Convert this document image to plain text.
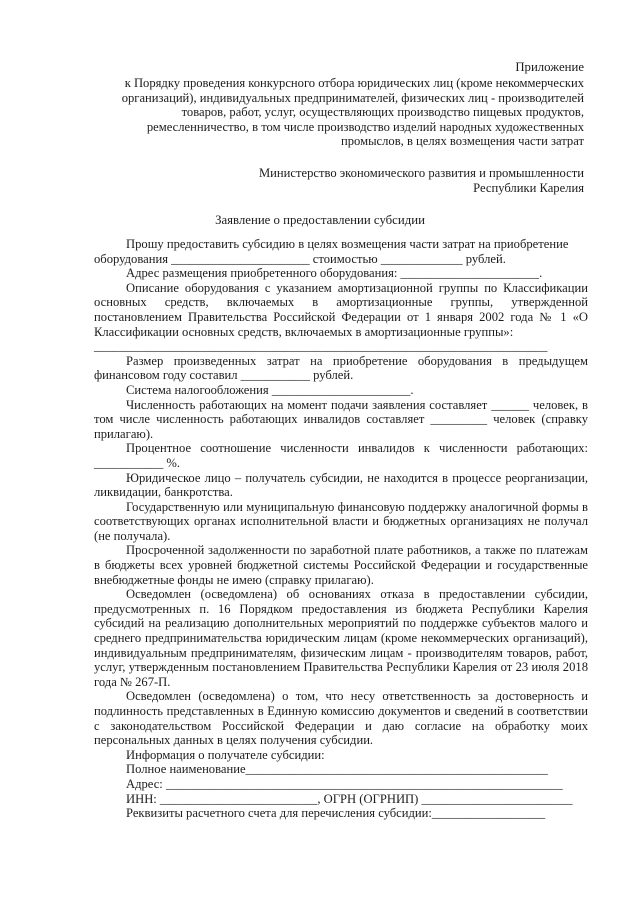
Приложение

к Порядку проведения конкурсного отбора юридических лиц (кроме некоммерческих

организаций), индивидуальных предпринимателей, физических лиц - производителей

товаров, работ, услуг, осуществляющих производство пищевых продуктов,

ремесленничество, в том числе производство изделий народных художественных

промыслов, в целях возмещения части затрат

Министерство экономического развития и промышленности

Республики Карелия

Заявление о предоставлении субсидии

Прошу предоставить субсидию в целях возмещения части затрат на приобретение

оборудования ______________________ стоимостью _____________ рублей.

Адрес размещения приобретенного оборудования: ______________________.

Описание оборудования с указанием амортизационной группы по Классификации основных средств, включаемых в амортизационные группы, утвержденной постановлением Правительства Российской Федерации от 1 января 2002 года № 1 «О Классификации основных средств, включаемых в амортизационные группы»:

________________________________________________________________________

Размер произведенных затрат на приобретение оборудования в предыдущем финансовом году составил ___________ рублей.

Система налогообложения ______________________.

Численность работающих на момент подачи заявления составляет ______ человек, в том числе численность работающих инвалидов составляет _________ человек (справку прилагаю).

Процентное соотношение численности инвалидов к численности работающих: ___________ %.

Юридическое лицо – получатель субсидии, не находится в процессе реорганизации, ликвидации, банкротства.

Государственную или муниципальную финансовую поддержку аналогичной формы в соответствующих органах исполнительной власти и бюджетных организациях не получал (не получала).

Просроченной задолженности по заработной плате работников, а также по платежам в бюджеты всех уровней бюджетной системы Российской Федерации и государственные внебюджетные фонды не имею (справку прилагаю).

Осведомлен (осведомлена) об основаниях отказа в предоставлении субсидии, предусмотренных п. 16 Порядком предоставления из бюджета Республики Карелия субсидий на реализацию дополнительных мероприятий по поддержке субъектов малого и среднего предпринимательства юридическим лицам (кроме некоммерческих организаций), индивидуальным предпринимателям, физическим лицам - производителям товаров, работ, услуг, утвержденным постановлением Правительства Республики Карелия от 23 июля 2018 года № 267-П.

Осведомлен (осведомлена) о том, что несу ответственность за достоверность и подлинность представленных в Единную комиссию документов и сведений в соответствии с законодательством Российской Федерации и даю согласие на обработку моих персональных данных в целях получения субсидии.

Информация о получателе субсидии:

Полное наименование________________________________________________

Адрес: _______________________________________________________________

ИНН: _________________________, ОГРН (ОГРНИП) ________________________

Реквизиты расчетного счета для перечисления субсидии:__________________
